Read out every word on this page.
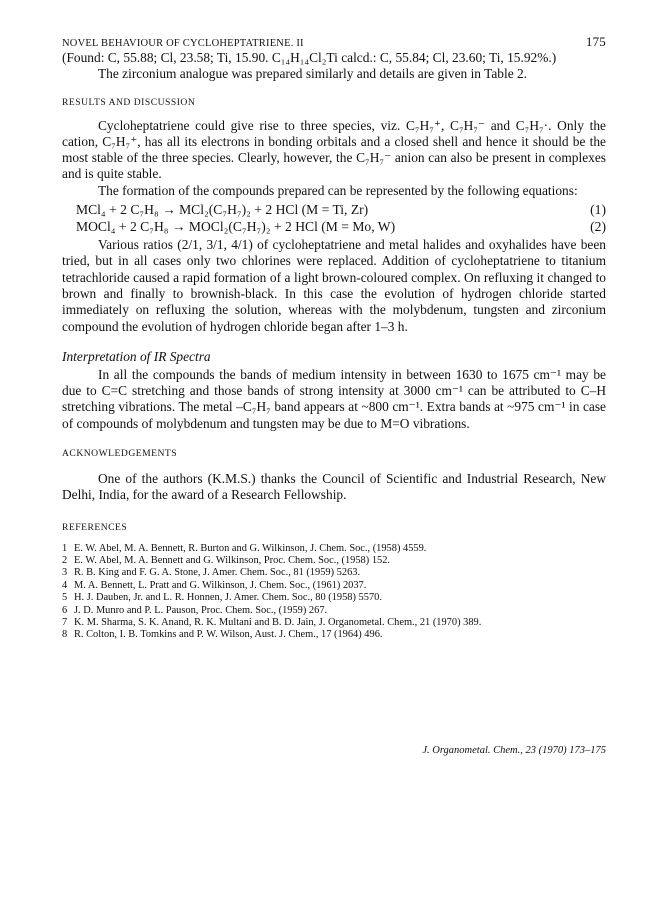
NOVEL BEHAVIOUR OF CYCLOHEPTATRIENE. II	175

(Found: C, 55.88; Cl, 23.58; Ti, 15.90. C₁₄H₁₄Cl₂Ti calcd.: C, 55.84; Cl, 23.60; Ti, 15.92%.)

The zirconium analogue was prepared similarly and details are given in Table 2.

RESULTS AND DISCUSSION

Cycloheptatriene could give rise to three species, viz. C₇H₇⁺, C₇H₇⁻ and C₇H₇·. Only the cation, C₇H₇⁺, has all its electrons in bonding orbitals and a closed shell and hence it should be the most stable of the three species. Clearly, however, the C₇H₇⁻ anion can also be present in complexes and is quite stable.

The formation of the compounds prepared can be represented by the following equations:

MCl₄ + 2 C₇H₈ → MCl₂(C₇H₇)₂ + 2 HCl (M = Ti, Zr)	(1)
MOCl₄ + 2 C₇H₈ → MOCl₂(C₇H₇)₂ + 2 HCl (M = Mo, W)	(2)

Various ratios (2/1, 3/1, 4/1) of cycloheptatriene and metal halides and oxyhalides have been tried, but in all cases only two chlorines were replaced. Addition of cycloheptatriene to titanium tetrachloride caused a rapid formation of a light brown-coloured complex. On refluxing it changed to brown and finally to brownish-black. In this case the evolution of hydrogen chloride started immediately on refluxing the solution, whereas with the molybdenum, tungsten and zirconium compound the evolution of hydrogen chloride began after 1–3 h.

Interpretation of IR Spectra

In all the compounds the bands of medium intensity in between 1630 to 1675 cm⁻¹ may be due to C=C stretching and those bands of strong intensity at 3000 cm⁻¹ can be attributed to C–H stretching vibrations. The metal –C₇H₇ band appears at ~800 cm⁻¹. Extra bands at ~975 cm⁻¹ in case of compounds of molybdenum and tungsten may be due to M=O vibrations.

ACKNOWLEDGEMENTS

One of the authors (K.M.S.) thanks the Council of Scientific and Industrial Research, New Delhi, India, for the award of a Research Fellowship.

REFERENCES
1 E. W. Abel, M. A. Bennett, R. Burton and G. Wilkinson, J. Chem. Soc., (1958) 4559.
2 E. W. Abel, M. A. Bennett and G. Wilkinson, Proc. Chem. Soc., (1958) 152.
3 R. B. King and F. G. A. Stone, J. Amer. Chem. Soc., 81 (1959) 5263.
4 M. A. Bennett, L. Pratt and G. Wilkinson, J. Chem. Soc., (1961) 2037.
5 H. J. Dauben, Jr. and L. R. Honnen, J. Amer. Chem. Soc., 80 (1958) 5570.
6 J. D. Munro and P. L. Pauson, Proc. Chem. Soc., (1959) 267.
7 K. M. Sharma, S. K. Anand, R. K. Multani and B. D. Jain, J. Organometal. Chem., 21 (1970) 389.
8 R. Colton, I. B. Tomkins and P. W. Wilson, Aust. J. Chem., 17 (1964) 496.
J. Organometal. Chem., 23 (1970) 173–175
